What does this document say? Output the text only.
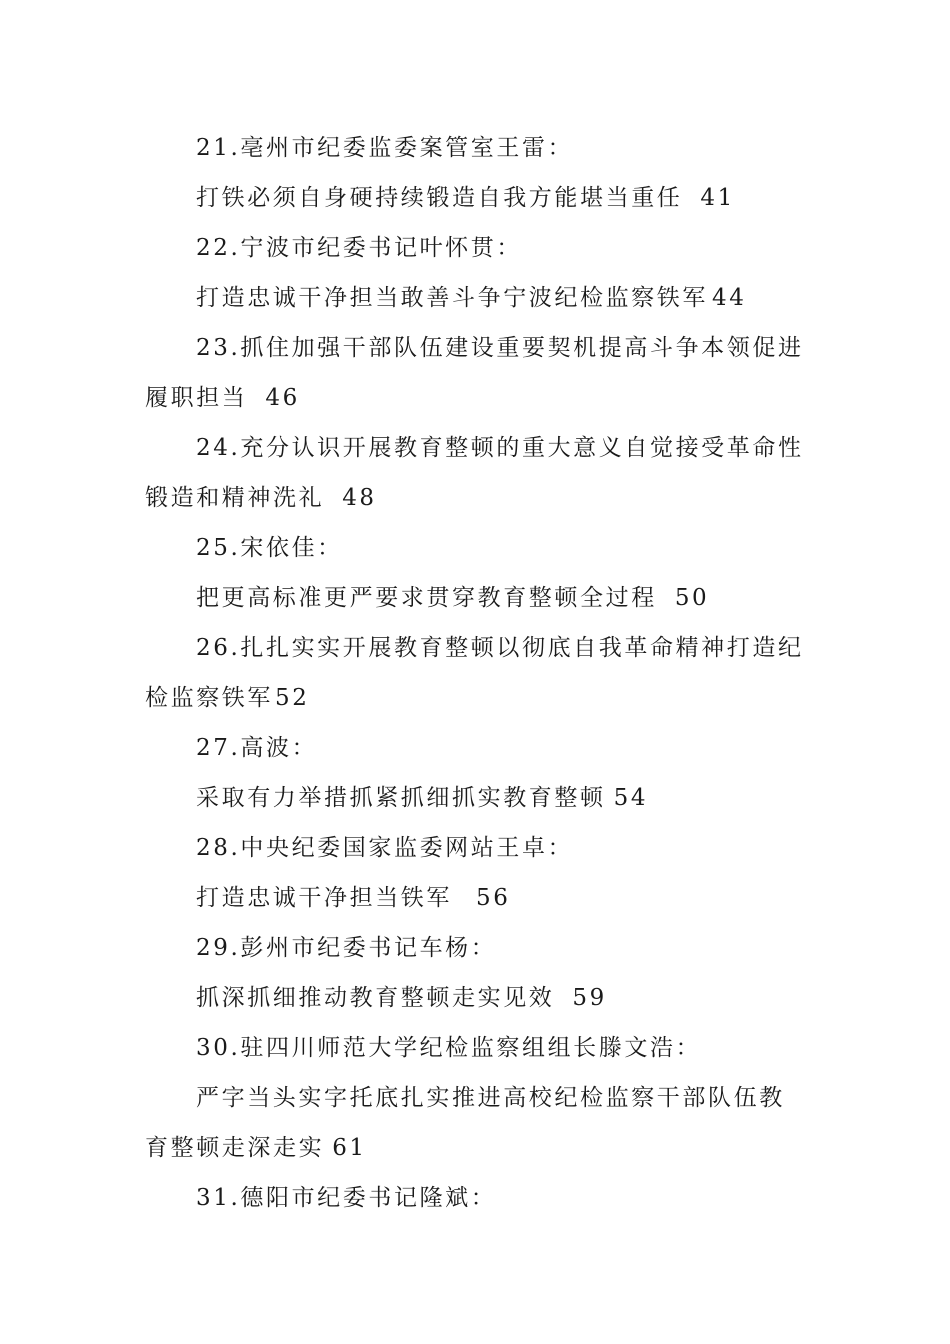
21.亳州市纪委监委案管室王雷：
打铁必须自身硬持续锻造自我方能堪当重任 41
22.宁波市纪委书记叶怀贯：
打造忠诚干净担当敢善斗争宁波纪检监察铁军 44
23.抓住加强干部队伍建设重要契机提高斗争本领促进
履职担当 46
24.充分认识开展教育整顿的重大意义自觉接受革命性
锻造和精神洗礼 48
25.宋依佳：
把更高标准更严要求贯穿教育整顿全过程 50
26.扎扎实实开展教育整顿以彻底自我革命精神打造纪
检监察铁军52
27.高波：
采取有力举措抓紧抓细抓实教育整顿 54
28.中央纪委国家监委网站王卓：
打造忠诚干净担当铁军 56
29.彭州市纪委书记车杨：
抓深抓细推动教育整顿走实见效 59
30.驻四川师范大学纪检监察组组长滕文浩：
严字当头实字托底扎实推进高校纪检监察干部队伍教
育整顿走深走实 61
31.德阳市纪委书记隆斌：
